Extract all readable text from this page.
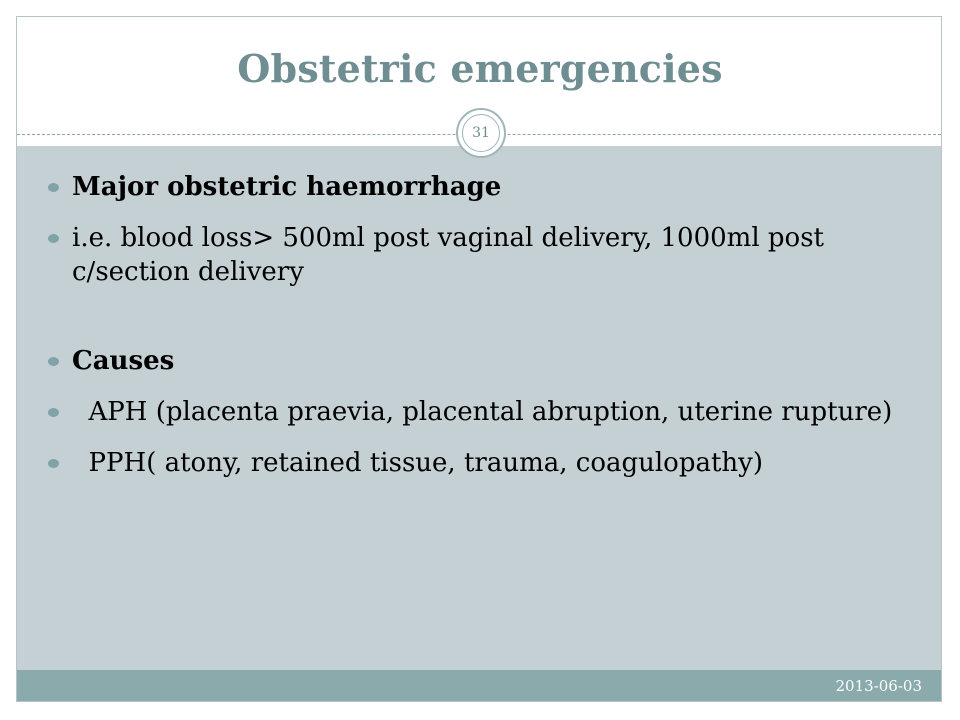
Obstetric emergencies
2013-06-03
31
Major obstetric haemorrhage
i.e. blood loss> 500ml post vaginal delivery, 1000ml post c/section delivery
Causes
APH (placenta praevia, placental abruption, uterine rupture)
PPH( atony, retained tissue, trauma, coagulopathy)
